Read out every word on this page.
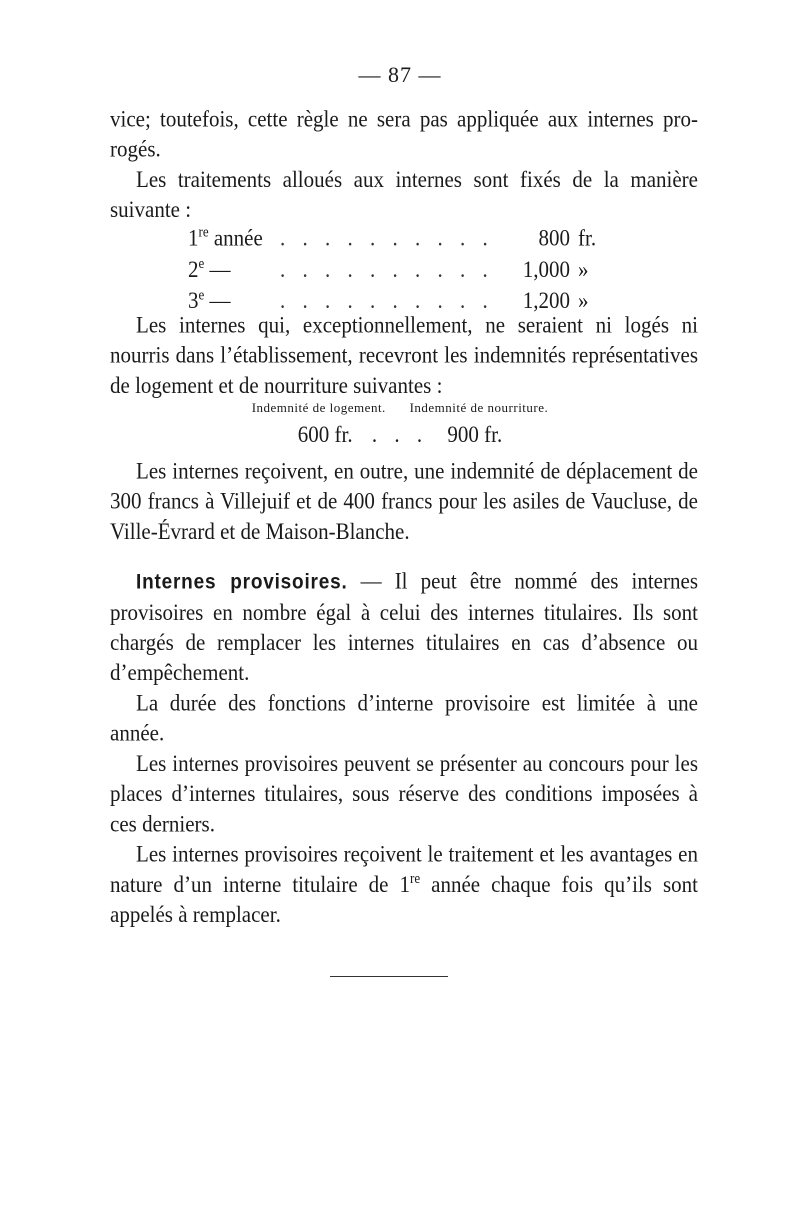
— 87 —

vice; toutefois, cette règle ne sera pas appliquée aux internes pro-rogés.

Les traitements alloués aux internes sont fixés de la manière suivante :

1re année . . . . . . . . . .	800 fr.
2e —	. . . . . . . . . .	1,000 »
3e —	. . . . . . . . . .	1,200 »

Les internes qui, exceptionnellement, ne seraient ni logés ni nourris dans l’établissement, recevront les indemnités représentatives de logement et de nourriture suivantes :

Indemnité de logement. Indemnité de nourriture.
600 fr. . . . 900 fr.

Les internes reçoivent, en outre, une indemnité de déplacement de 300 francs à Villejuif et de 400 francs pour les asiles de Vaucluse, de Ville-Évrard et de Maison-Blanche.

Internes provisoires. — Il peut être nommé des internes provisoires en nombre égal à celui des internes titulaires. Ils sont chargés de remplacer les internes titulaires en cas d’absence ou d’empêchement.

La durée des fonctions d’interne provisoire est limitée à une année.

Les internes provisoires peuvent se présenter au concours pour les places d’internes titulaires, sous réserve des conditions imposées à ces derniers.

Les internes provisoires reçoivent le traitement et les avantages en nature d’un interne titulaire de 1re année chaque fois qu’ils sont appelés à remplacer.
